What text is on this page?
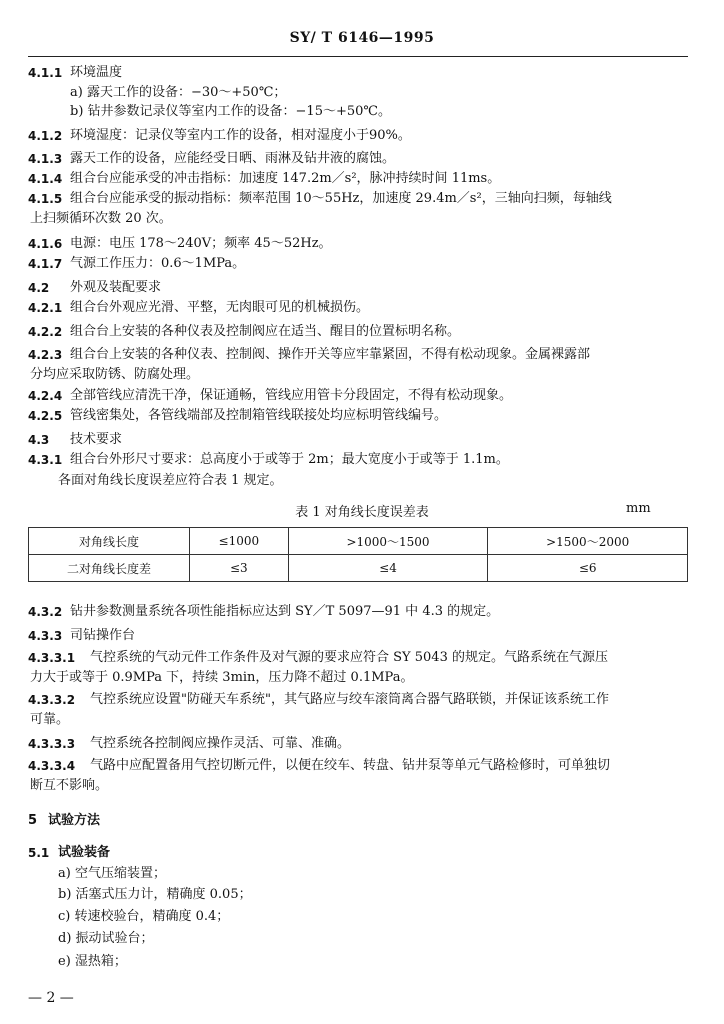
SY/ T 6146—1995
4.1.1 环境温度
a) 露天工作的设备：−30～+50℃；
b) 钻井参数记录仪等室内工作的设备：−15～+50℃。
4.1.2 环境湿度：记录仪等室内工作的设备，相对湿度小于90%。
4.1.3 露天工作的设备，应能经受日晒、雨淋及钻井液的腐蚀。
4.1.4 组合台应能承受的冲击指标：加速度 147.2m／s²，脉冲持续时间 11ms。
4.1.5 组合台应能承受的振动指标：频率范围 10～55Hz，加速度 29.4m／s²，三轴向扫频，每轴线
上扫频循环次数 20 次。
4.1.6 电源：电压 178～240V；频率 45～52Hz。
4.1.7 气源工作压力：0.6～1MPa。
4.2 外观及装配要求
4.2.1 组合台外观应光滑、平整，无肉眼可见的机械损伤。
4.2.2 组合台上安装的各种仪表及控制阀应在适当、醒目的位置标明名称。
4.2.3 组合台上安装的各种仪表、控制阀、操作开关等应牢靠紧固，不得有松动现象。金属裸露部
分均应采取防锈、防腐处理。
4.2.4 全部管线应清洗干净，保证通畅，管线应用管卡分段固定，不得有松动现象。
4.2.5 管线密集处，各管线端部及控制箱管线联接处均应标明管线编号。
4.3 技术要求
4.3.1 组合台外形尺寸要求：总高度小于或等于 2m；最大宽度小于或等于 1.1m。
各面对角线长度误差应符合表 1 规定。
4.3.2 钻井参数测量系统各项性能指标应达到 SY／T 5097—91 中 4.3 的规定。
4.3.3 司钻操作台
4.3.3.1 气控系统的气动元件工作条件及对气源的要求应符合 SY 5043 的规定。气路系统在气源压
力大于或等于 0.9MPa 下，持续 3min，压力降不超过 0.1MPa。
4.3.3.2 气控系统应设置"防碰天车系统"，其气路应与绞车滚筒离合器气路联锁，并保证该系统工作
可靠。
4.3.3.3 气控系统各控制阀应操作灵活、可靠、准确。
4.3.3.4 气路中应配置备用气控切断元件，以便在绞车、转盘、钻井泵等单元气路检修时，可单独切
断互不影响。
5 试验方法
5.1 试验装备
a) 空气压缩装置；
b) 活塞式压力计，精确度 0.05；
c) 转速校验台，精确度 0.4；
d) 振动试验台；
e) 湿热箱；
表 1 对角线长度误差表	mm
对角线长度	≤1000	>1000～1500	>1500～2000
二对角线长度差	≤3	≤4	≤6
— 2 —
